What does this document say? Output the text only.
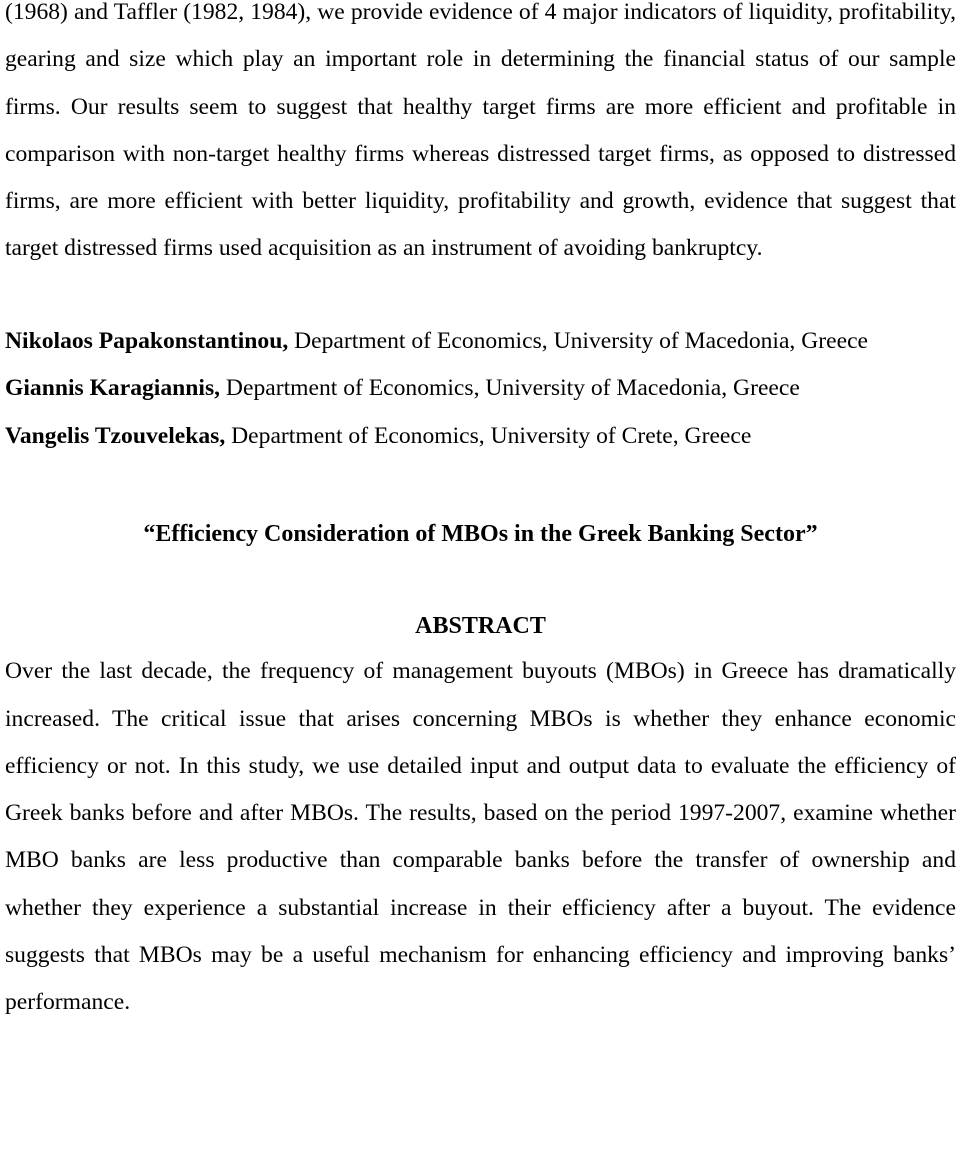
(1968) and Taffler (1982, 1984), we provide evidence of 4 major indicators of liquidity, profitability, gearing and size which play an important role in determining the financial status of our sample firms. Our results seem to suggest that healthy target firms are more efficient and profitable in comparison with non-target healthy firms whereas distressed target firms, as opposed to distressed firms, are more efficient with better liquidity, profitability and growth, evidence that suggest that target distressed firms used acquisition as an instrument of avoiding bankruptcy.

Nikolaos Papakonstantinou, Department of Economics, University of Macedonia, Greece

Giannis Karagiannis, Department of Economics, University of Macedonia, Greece

Vangelis Tzouvelekas, Department of Economics, University of Crete, Greece

“Efficiency Consideration of MBOs in the Greek Banking Sector”

ABSTRACT

Over the last decade, the frequency of management buyouts (MBOs) in Greece has dramatically increased. The critical issue that arises concerning MBOs is whether they enhance economic efficiency or not. In this study, we use detailed input and output data to evaluate the efficiency of Greek banks before and after MBOs. The results, based on the period 1997-2007, examine whether MBO banks are less productive than comparable banks before the transfer of ownership and whether they experience a substantial increase in their efficiency after a buyout. The evidence suggests that MBOs may be a useful mechanism for enhancing efficiency and improving banks’ performance.
